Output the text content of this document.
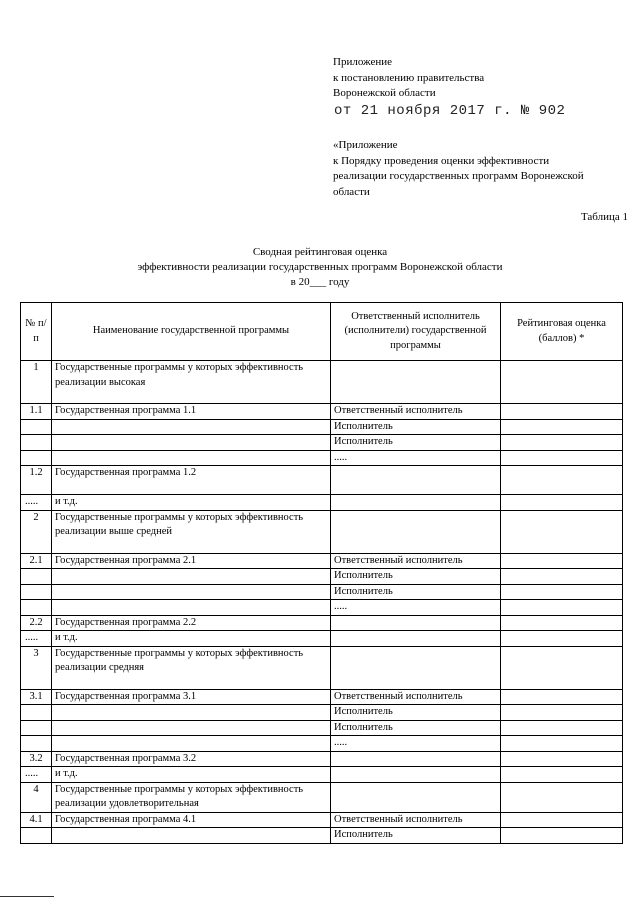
Приложение
к постановлению правительства
Воронежской области
от 21 ноября 2017 г. № 902
«Приложение
к Порядку проведения оценки эффективности
реализации государственных программ Воронежской
области
Таблица 1
Сводная рейтинговая оценка
эффективности реализации государственных программ Воронежской области
в 20___ году
№ п/п	Наименование государственной программы	Ответственный исполнитель (исполнители) государственной программы	Рейтинговая оценка (баллов) *
1	Государственные программы у которых эффективность реализации высокая		
1.1	Государственная программа 1.1	Ответственный исполнитель	
		Исполнитель	
		Исполнитель	
		.....	
1.2	Государственная программа 1.2		
.....	и т.д.		
2	Государственные программы у которых эффективность реализации выше средней		
2.1	Государственная программа 2.1	Ответственный исполнитель	
		Исполнитель	
		Исполнитель	
		.....	
2.2	Государственная программа 2.2		
.....	и т.д.		
3	Государственные программы у которых эффективность реализации средняя		
3.1	Государственная программа 3.1	Ответственный исполнитель	
		Исполнитель	
		Исполнитель	
		.....	
3.2	Государственная программа 3.2		
.....	и т.д.		
4	Государственные программы у которых эффективность реализации удовлетворительная		
4.1	Государственная программа 4.1	Ответственный исполнитель	
		Исполнитель	
